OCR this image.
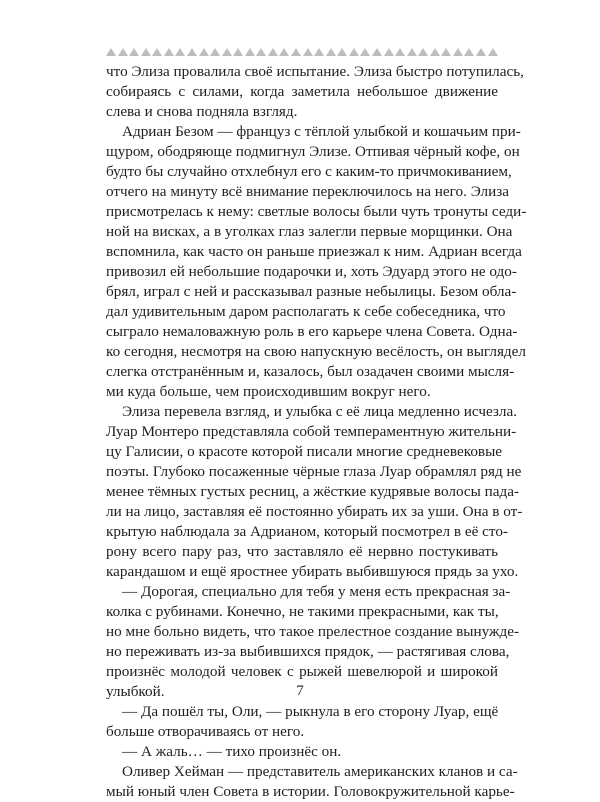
что Элиза провалила своё испытание. Элиза быстро потупилась,
собираясь с силами, когда заметила небольшое движение
слева и снова подняла взгляд.
Адриан Безом — француз с тёплой улыбкой и кошачьим при-
щуром, ободряюще подмигнул Элизе. Отпивая чёрный кофе, он
будто бы случайно отхлебнул его с каким-то причмокиванием,
отчего на минуту всё внимание переключилось на него. Элиза
присмотрелась к нему: светлые волосы были чуть тронуты седи-
ной на висках, а в уголках глаз залегли первые морщинки. Она
вспомнила, как часто он раньше приезжал к ним. Адриан всегда
привозил ей небольшие подарочки и, хоть Эдуард этого не одо-
брял, играл с ней и рассказывал разные небылицы. Безом обла-
дал удивительным даром располагать к себе собеседника, что
сыграло немаловажную роль в его карьере члена Совета. Одна-
ко сегодня, несмотря на свою напускную весёлость, он выглядел
слегка отстранённым и, казалось, был озадачен своими мысля-
ми куда больше, чем происходившим вокруг него.
Элиза перевела взгляд, и улыбка с её лица медленно исчезла.
Луар Монтеро представляла собой темпераментную жительни-
цу Галисии, о красоте которой писали многие средневековые
поэты. Глубоко посаженные чёрные глаза Луар обрамлял ряд не
менее тёмных густых ресниц, а жёсткие кудрявые волосы пада-
ли на лицо, заставляя её постоянно убирать их за уши. Она в от-
крытую наблюдала за Адрианом, который посмотрел в её сто-
рону всего пару раз, что заставляло её нервно постукивать
карандашом и ещё яростнее убирать выбившуюся прядь за ухо.
— Дорогая, специально для тебя у меня есть прекрасная за-
колка с рубинами. Конечно, не такими прекрасными, как ты,
но мне больно видеть, что такое прелестное создание вынужде-
но переживать из-за выбившихся прядок, — растягивая слова,
произнёс молодой человек с рыжей шевелюрой и широкой
улыбкой.
— Да пошёл ты, Оли, — рыкнула в его сторону Луар, ещё
больше отворачиваясь от него.
— А жаль… — тихо произнёс он.
Оливер Хейман — представитель американских кланов и са-
мый юный член Совета в истории. Головокружительной карье-
7
